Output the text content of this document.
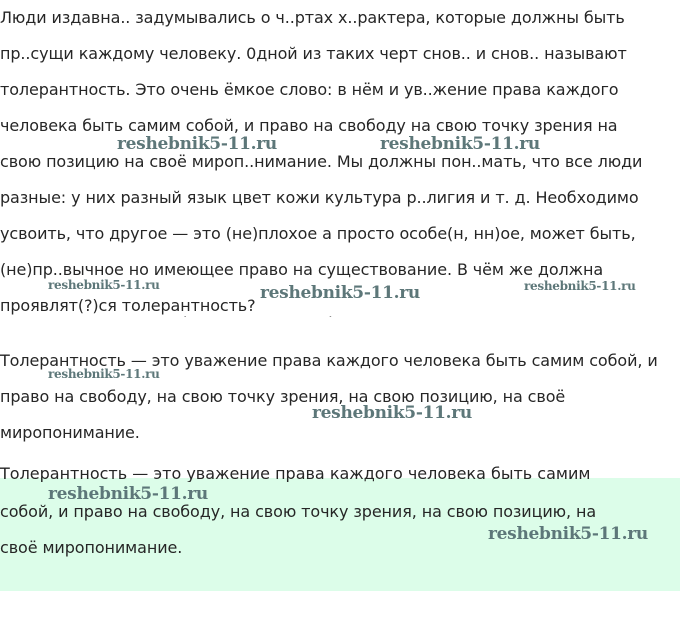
Люди издавна.. задумывались о ч..ртах х..рактера, которые должны быть
пр..сущи каждому человеку. 0дной из таких черт снов.. и снов.. называют
толерантность. Это очень ёмкое слово: в нём и ув..жение права каждого
человека быть самим собой, и право на свободу на свою точку зрения на
свою позицию на своё мироп..нимание. Мы должны пон..мать, что все люди
разные: у них разный язык цвет кожи культура р..лигия и т. д. Необходимо
усвоить, что другое — это (не)плохое а просто особе(н, нн)ое, может быть,
(не)пр..вычное но имеющее право на существование. В чём же должна
проявлят(?)ся толерантность?
Толерантность — это уважение права каждого человека быть самим собой, и
право на свободу, на свою точку зрения, на свою позицию, на своё
миропонимание.
Толерантность — это уважение права каждого человека быть самим
собой, и право на свободу, на свою точку зрения, на свою позицию, на
своё миропонимание.
reshebnik5-11.ru	reshebnik5-11.ru
reshebnik5-11.ru
reshebnik5-11.ru	reshebnik5-11.ru
reshebnik5-11.ru
reshebnik5-11.ru
reshebnik5-11.ru
reshebnik5-11.ru
